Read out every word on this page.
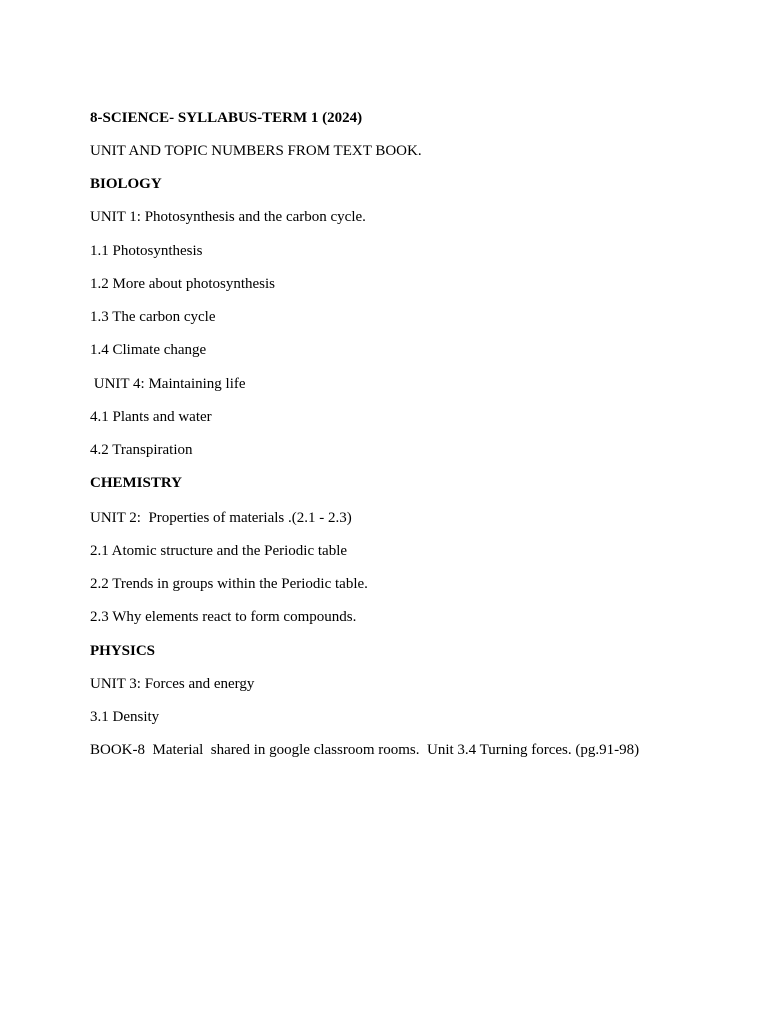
8-SCIENCE- SYLLABUS-TERM 1 (2024)

UNIT AND TOPIC NUMBERS FROM TEXT BOOK.

BIOLOGY

UNIT 1: Photosynthesis and the carbon cycle.

1.1 Photosynthesis

1.2 More about photosynthesis

1.3 The carbon cycle

1.4 Climate change

UNIT 4: Maintaining life

4.1 Plants and water

4.2 Transpiration

CHEMISTRY

UNIT 2:  Properties of materials .(2.1 - 2.3)

2.1 Atomic structure and the Periodic table

2.2 Trends in groups within the Periodic table.

2.3 Why elements react to form compounds.

PHYSICS

UNIT 3: Forces and energy

3.1 Density

BOOK-8  Material  shared in google classroom rooms.  Unit 3.4 Turning forces. (pg.91-98)
